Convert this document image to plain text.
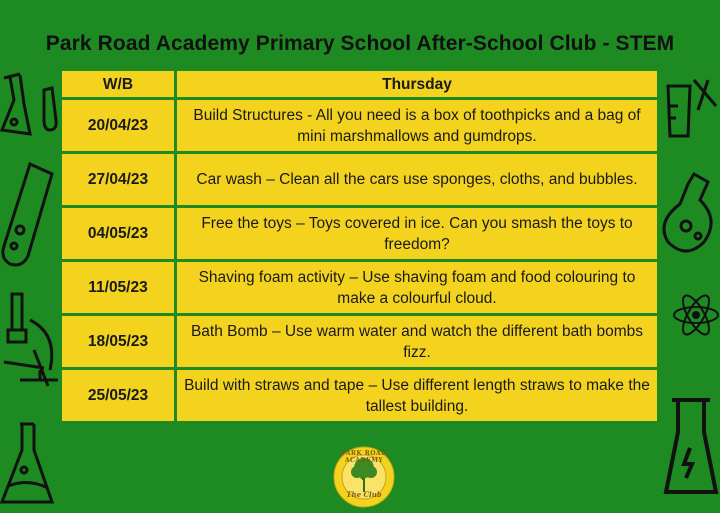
Park Road Academy Primary School After-School Club - STEM
W/B	Thursday
20/04/23	Build Structures - All you need is a box of toothpicks and a bag of mini marshmallows and gumdrops.
27/04/23	Car wash – Clean all the cars use sponges, cloths, and bubbles.
04/05/23	Free the toys – Toys covered in ice. Can you smash the toys to freedom?
11/05/23	Shaving foam activity – Use shaving foam and food colouring to make a colourful cloud.
18/05/23	Bath Bomb – Use warm water and watch the different bath bombs fizz.
25/05/23	Build with straws and tape – Use different length straws to make the tallest building.
PARK ROAD ACADEMY
The Club
